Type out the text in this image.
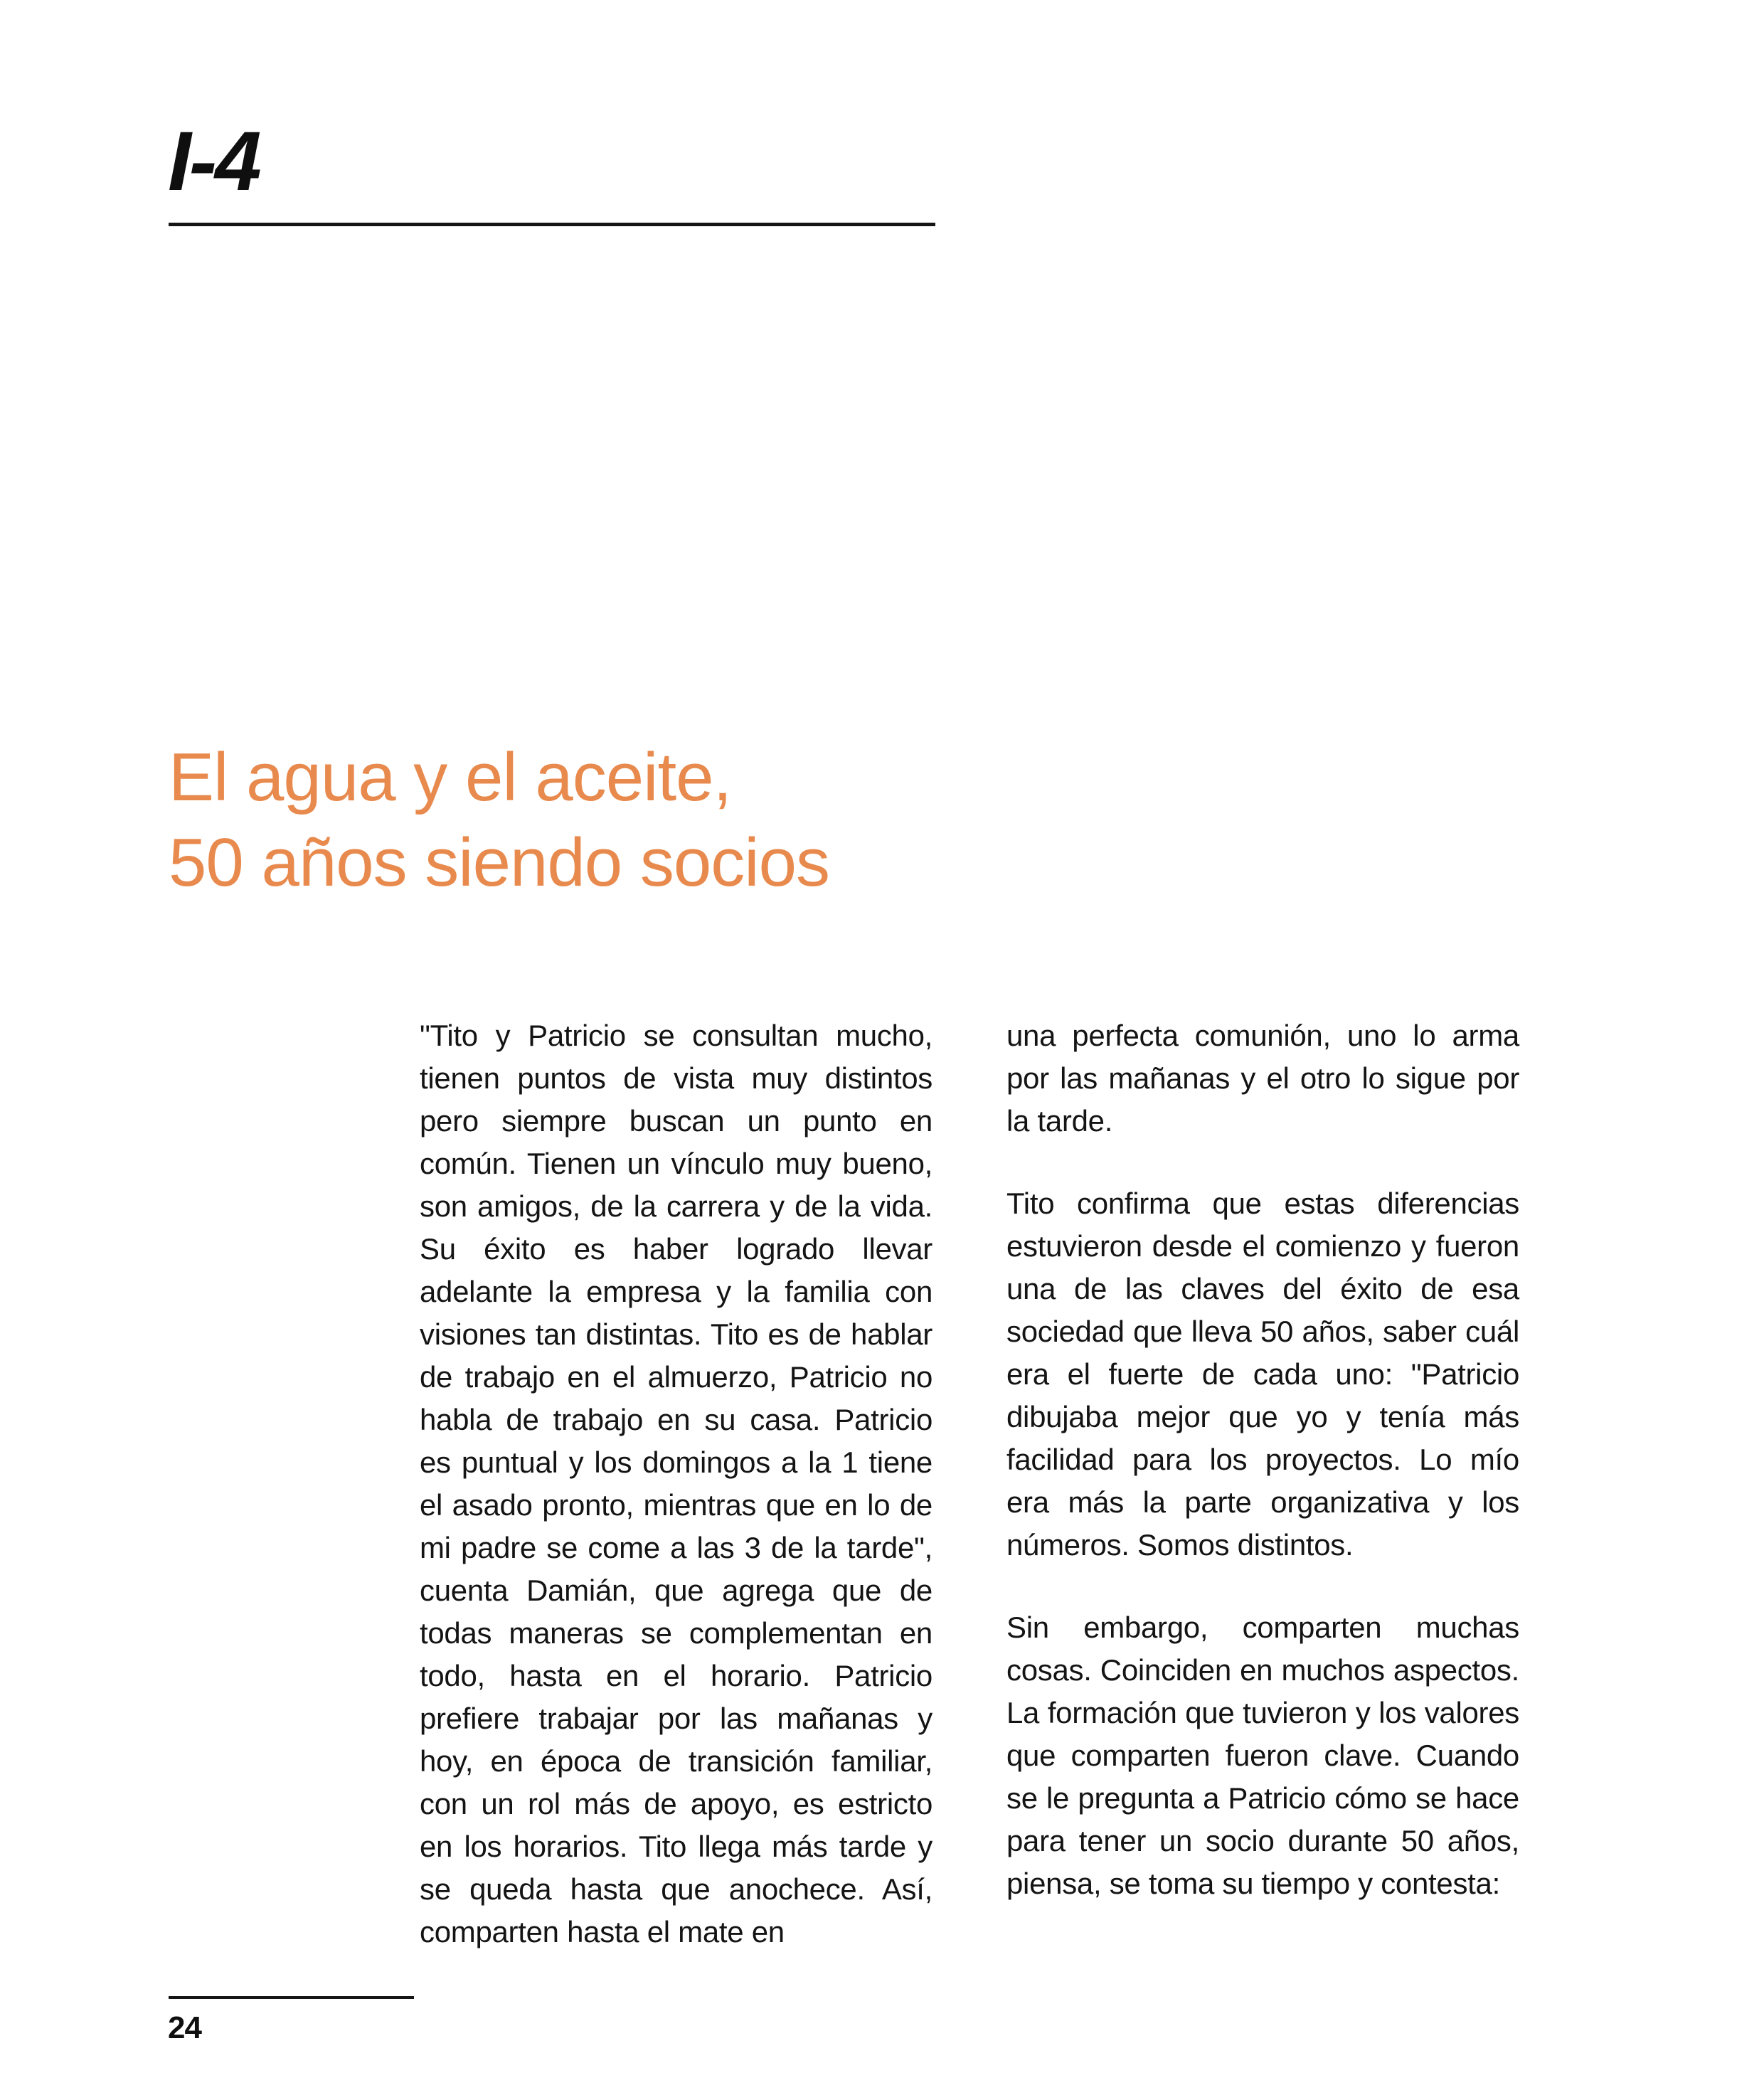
I-4
El agua y el aceite,
50 años siendo socios

"Tito y Patricio se consultan mucho, tienen puntos de vista muy distintos pero siempre buscan un punto en común. Tienen un vínculo muy bueno, son amigos, de la carrera y de la vida. Su éxito es haber logrado llevar adelante la empresa y la familia con visiones tan distintas. Tito es de hablar de trabajo en el almuerzo, Patricio no habla de trabajo en su casa. Patricio es puntual y los domingos a la 1 tiene el asado pronto, mientras que en lo de mi padre se come a las 3 de la tarde", cuenta Damián, que agrega que de todas maneras se complementan en todo, hasta en el horario. Patricio prefiere trabajar por las mañanas y hoy, en época de transición familiar, con un rol más de apoyo, es estricto en los horarios. Tito llega más tarde y se queda hasta que anochece. Así, comparten hasta el mate en

una perfecta comunión, uno lo arma por las mañanas y el otro lo sigue por la tarde.

Tito confirma que estas diferencias estuvieron desde el comienzo y fueron una de las claves del éxito de esa sociedad que lleva 50 años, saber cuál era el fuerte de cada uno: "Patricio dibujaba mejor que yo y tenía más facilidad para los proyectos. Lo mío era más la parte organizativa y los números. Somos distintos.

Sin embargo, comparten muchas cosas. Coinciden en muchos aspectos. La formación que tuvieron y los valores que comparten fueron clave. Cuando se le pregunta a Patricio cómo se hace para tener un socio durante 50 años, piensa, se toma su tiempo y contesta:

24
